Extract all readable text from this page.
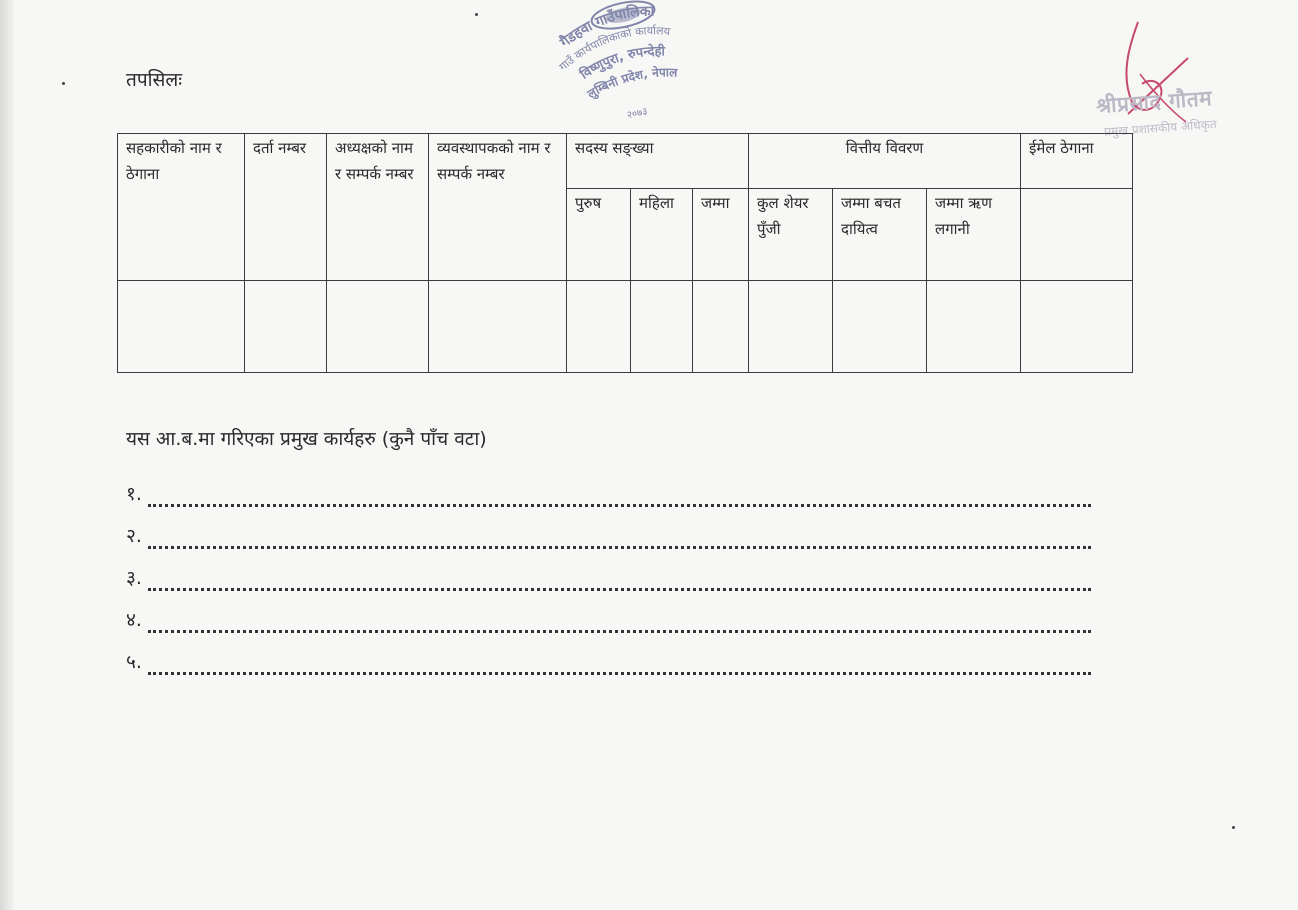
तपसिलः
गैडहवा गाउँपालिका
गाउँ कार्यपालिकाको कार्यालय
विष्णुपुरा, रुपन्देही
लुम्बिनी प्रदेश, नेपाल
२०७३	श्रीप्रसाद गौतम
प्रमुख प्रशासकीय अधिकृत
सहकारीको नाम र ठेगाना	दर्ता नम्बर	अध्यक्षको नाम र सम्पर्क नम्बर	व्यवस्थापकको नाम र सम्पर्क नम्बर	सदस्य सङ्ख्या			वित्तीय विवरण			ईमेल ठेगाना
				पुरुष	महिला	जम्मा	कुल शेयर पुँजी	जम्मा बचत दायित्व	जम्मा ऋण लगानी	

यस आ.ब.मा गरिएका प्रमुख कार्यहरु (कुनै पाँच वटा)
१.
२.
३.
४.
५.
